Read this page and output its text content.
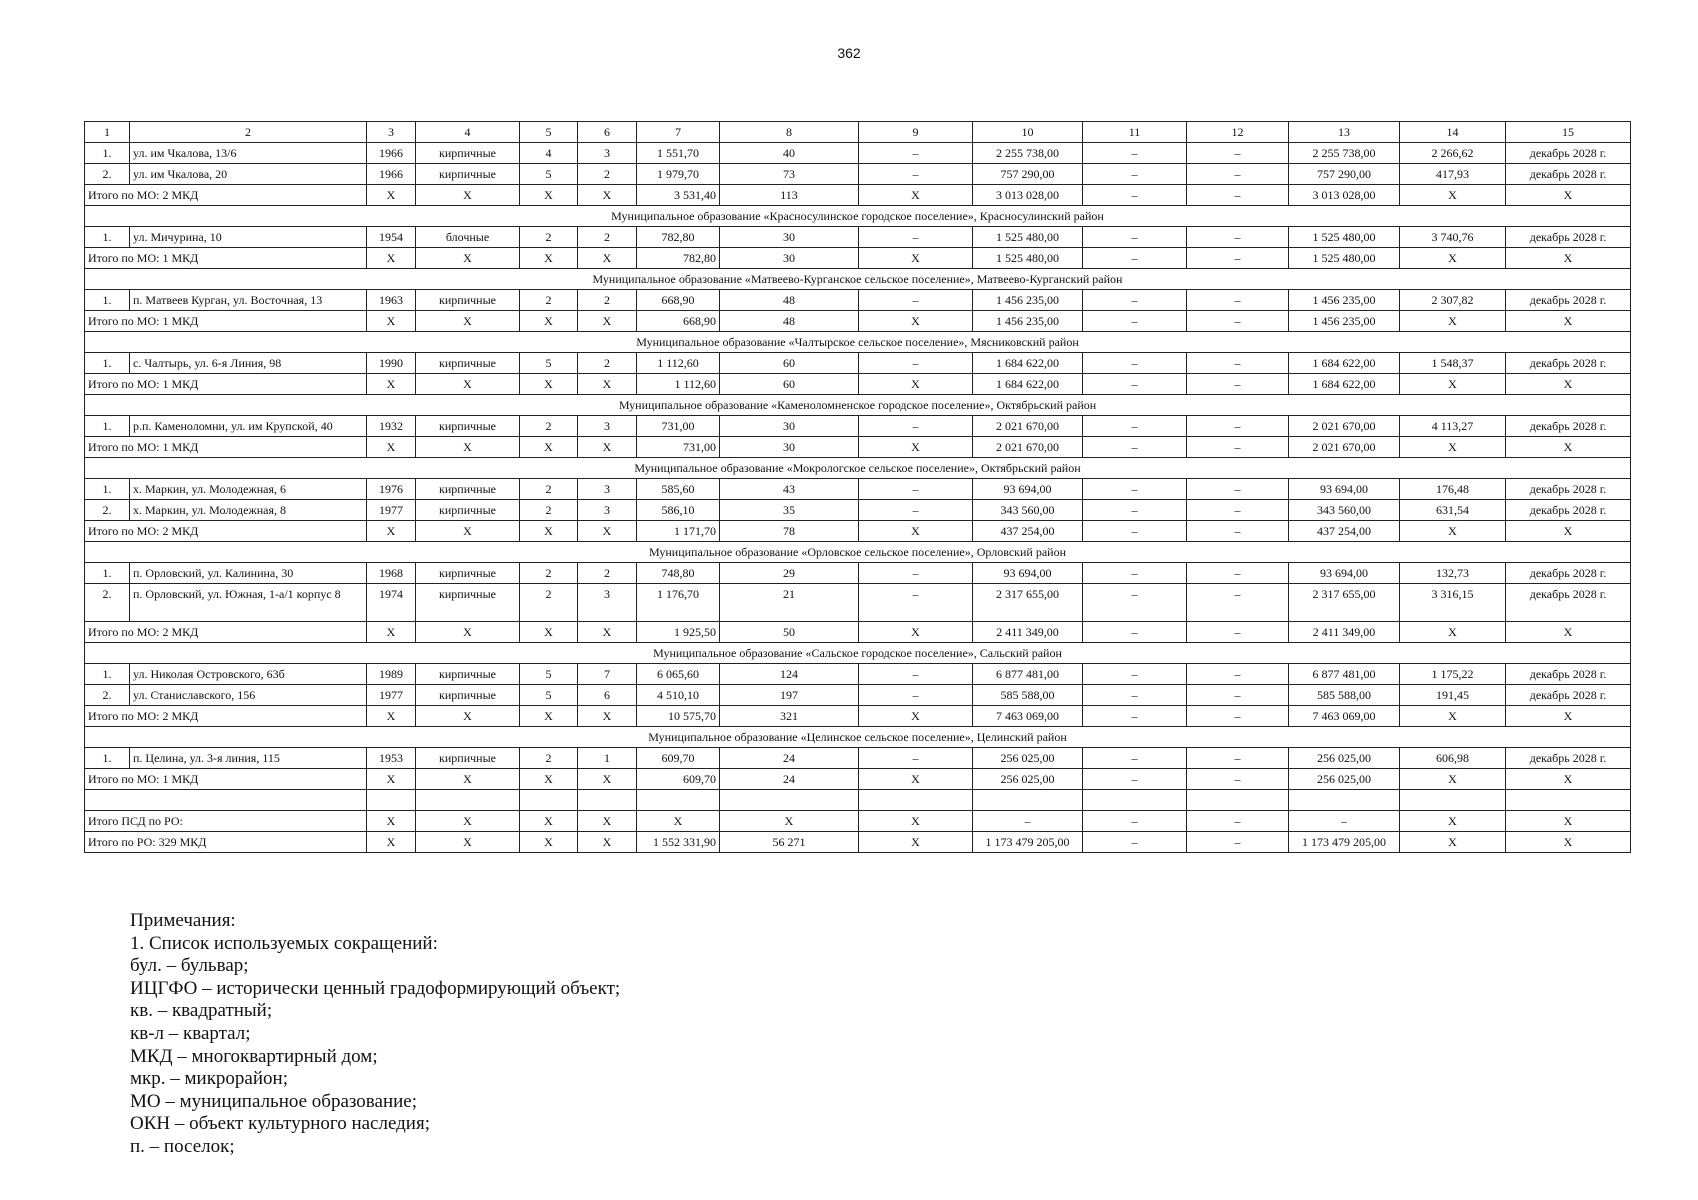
362
1	2	3	4	5	6	7	8	9	10	11	12	13	14	15
1.	ул. им Чкалова, 13/6	1966	кирпичные	4	3	1 551,70	40	–	2 255 738,00	–	–	2 255 738,00	2 266,62	декабрь 2028 г.
2.	ул. им Чкалова, 20	1966	кирпичные	5	2	1 979,70	73	–	757 290,00	–	–	757 290,00	417,93	декабрь 2028 г.
Итого по МО: 2 МКД		X	X	X	X	3 531,40	113	X	3 013 028,00	–	–	3 013 028,00	X	X
Муниципальное образование «Красносулинское городское поселение», Красносулинский район														
1.	ул. Мичурина, 10	1954	блочные	2	2	782,80	30	–	1 525 480,00	–	–	1 525 480,00	3 740,76	декабрь 2028 г.
Итого по МО: 1 МКД		X	X	X	X	782,80	30	X	1 525 480,00	–	–	1 525 480,00	X	X
Муниципальное образование «Матвеево-Курганское сельское поселение», Матвеево-Курганский район														
1.	п. Матвеев Курган, ул. Восточная, 13	1963	кирпичные	2	2	668,90	48	–	1 456 235,00	–	–	1 456 235,00	2 307,82	декабрь 2028 г.
Итого по МО: 1 МКД		X	X	X	X	668,90	48	X	1 456 235,00	–	–	1 456 235,00	X	X
Муниципальное образование «Чалтырское сельское поселение», Мясниковский район														
1.	с. Чалтырь, ул. 6-я Линия, 98	1990	кирпичные	5	2	1 112,60	60	–	1 684 622,00	–	–	1 684 622,00	1 548,37	декабрь 2028 г.
Итого по МО: 1 МКД		X	X	X	X	1 112,60	60	X	1 684 622,00	–	–	1 684 622,00	X	X
Муниципальное образование «Каменоломненское городское поселение», Октябрьский район														
1.	р.п. Каменоломни, ул. им Крупской, 40	1932	кирпичные	2	3	731,00	30	–	2 021 670,00	–	–	2 021 670,00	4 113,27	декабрь 2028 г.
Итого по МО: 1 МКД		X	X	X	X	731,00	30	X	2 021 670,00	–	–	2 021 670,00	X	X
Муниципальное образование «Мокрологское сельское поселение», Октябрьский район														
1.	х. Маркин, ул. Молодежная, 6	1976	кирпичные	2	3	585,60	43	–	93 694,00	–	–	93 694,00	176,48	декабрь 2028 г.
2.	х. Маркин, ул. Молодежная, 8	1977	кирпичные	2	3	586,10	35	–	343 560,00	–	–	343 560,00	631,54	декабрь 2028 г.
Итого по МО: 2 МКД		X	X	X	X	1 171,70	78	X	437 254,00	–	–	437 254,00	X	X
Муниципальное образование «Орловское сельское поселение», Орловский район														
1.	п. Орловский, ул. Калинина, 30	1968	кирпичные	2	2	748,80	29	–	93 694,00	–	–	93 694,00	132,73	декабрь 2028 г.
2.	п. Орловский, ул. Южная, 1-а/1 корпус 8	1974	кирпичные	2	3	1 176,70	21	–	2 317 655,00	–	–	2 317 655,00	3 316,15	декабрь 2028 г.
Итого по МО: 2 МКД		X	X	X	X	1 925,50	50	X	2 411 349,00	–	–	2 411 349,00	X	X
Муниципальное образование «Сальское городское поселение», Сальский район														
1.	ул. Николая Островского, 63б	1989	кирпичные	5	7	6 065,60	124	–	6 877 481,00	–	–	6 877 481,00	1 175,22	декабрь 2028 г.
2.	ул. Станиславского, 156	1977	кирпичные	5	6	4 510,10	197	–	585 588,00	–	–	585 588,00	191,45	декабрь 2028 г.
Итого по МО: 2 МКД		X	X	X	X	10 575,70	321	X	7 463 069,00	–	–	7 463 069,00	X	X
Муниципальное образование «Целинское сельское поселение», Целинский район														
1.	п. Целина, ул. 3-я линия, 115	1953	кирпичные	2	1	609,70	24	–	256 025,00	–	–	256 025,00	606,98	декабрь 2028 г.
Итого по МО: 1 МКД		X	X	X	X	609,70	24	X	256 025,00	–	–	256 025,00	X	X

Итого ПСД по РО:		X	X	X	X	X	X	X	–	–	–	–	X	X
Итого по РО: 329 МКД		X	X	X	X	1 552 331,90	56 271	X	1 173 479 205,00	–	–	1 173 479 205,00	X	X
Примечания:
1. Список используемых сокращений:
бул. – бульвар;
ИЦГФО – исторически ценный градоформирующий объект;
кв. – квадратный;
кв-л – квартал;
МКД – многоквартирный дом;
мкр. – микрорайон;
МО – муниципальное образование;
ОКН – объект культурного наследия;
п. – поселок;
